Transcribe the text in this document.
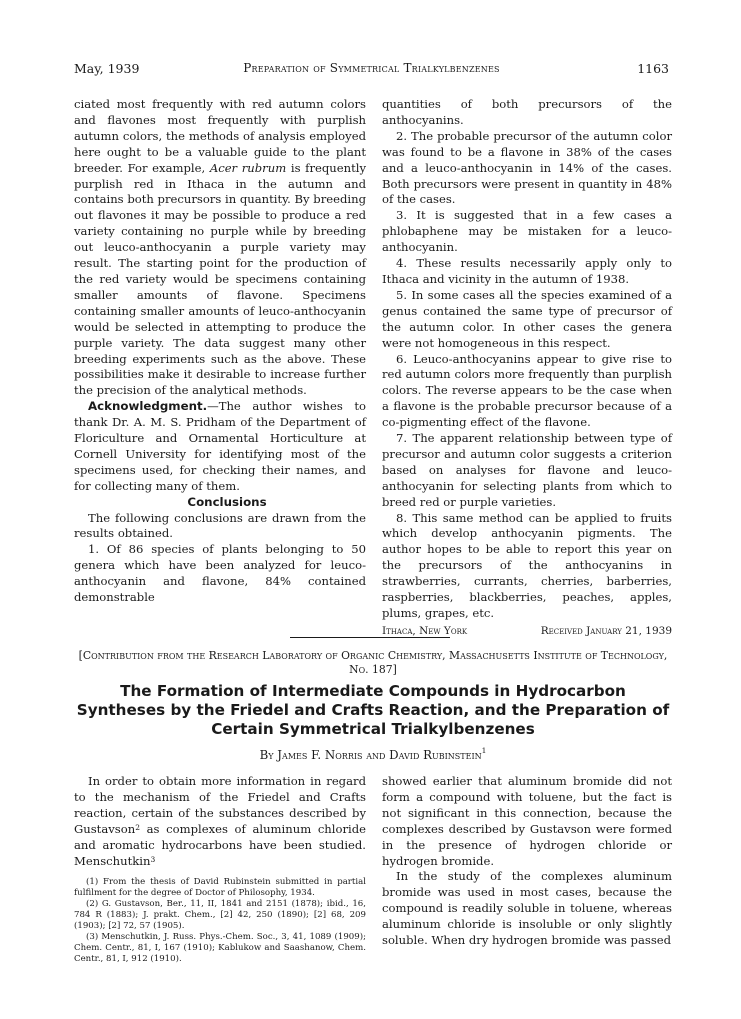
May, 1939	Preparation of Symmetrical Trialkylbenzenes	1163

ciated most frequently with red autumn colors and flavones most frequently with purplish autumn colors, the methods of analysis employed here ought to be a valuable guide to the plant breeder. For example, Acer rubrum is frequently purplish red in Ithaca in the autumn and contains both precursors in quantity. By breeding out flavones it may be possible to produce a red variety containing no purple while by breeding out leuco-anthocyanin a purple variety may result. The starting point for the production of the red variety would be specimens containing smaller amounts of flavone. Specimens containing smaller amounts of leuco-anthocyanin would be selected in attempting to produce the purple variety. The data suggest many other breeding experiments such as the above. These possibilities make it desirable to increase further the precision of the analytical methods.

Acknowledgment.—The author wishes to thank Dr. A. M. S. Pridham of the Department of Floriculture and Ornamental Horticulture at Cornell University for identifying most of the specimens used, for checking their names, and for collecting many of them.

Conclusions

The following conclusions are drawn from the results obtained.

1. Of 86 species of plants belonging to 50 genera which have been analyzed for leuco-anthocyanin and flavone, 84% contained demonstrable

quantities of both precursors of the anthocyanins.

2. The probable precursor of the autumn color was found to be a flavone in 38% of the cases and a leuco-anthocyanin in 14% of the cases. Both precursors were present in quantity in 48% of the cases.

3. It is suggested that in a few cases a phlobaphene may be mistaken for a leuco-anthocyanin.

4. These results necessarily apply only to Ithaca and vicinity in the autumn of 1938.

5. In some cases all the species examined of a genus contained the same type of precursor of the autumn color. In other cases the genera were not homogeneous in this respect.

6. Leuco-anthocyanins appear to give rise to red autumn colors more frequently than purplish colors. The reverse appears to be the case when a flavone is the probable precursor because of a co-pigmenting effect of the flavone.

7. The apparent relationship between type of precursor and autumn color suggests a criterion based on analyses for flavone and leuco-anthocyanin for selecting plants from which to breed red or purple varieties.

8. This same method can be applied to fruits which develop anthocyanin pigments. The author hopes to be able to report this year on the precursors of the anthocyanins in strawberries, currants, cherries, barberries, raspberries, blackberries, peaches, apples, plums, grapes, etc.

Ithaca, New York	Received January 21, 1939
[Contribution from the Research Laboratory of Organic Chemistry, Massachusetts Institute of Technology, No. 187]
The Formation of Intermediate Compounds in Hydrocarbon Syntheses by the Friedel and Crafts Reaction, and the Preparation of Certain Symmetrical Trialkylbenzenes
By James F. Norris and David Rubinstein$^1$

In order to obtain more information in regard to the mechanism of the Friedel and Crafts reaction, certain of the substances described by Gustavson$^2$ as complexes of aluminum chloride and aromatic hydrocarbons have been studied. Menschutkin$^3$

(1) From the thesis of David Rubinstein submitted in partial fulfilment for the degree of Doctor of Philosophy, 1934.

(2) G. Gustavson, Ber., 11, II, 1841 and 2151 (1878); ibid., 16, 784 R (1883); J. prakt. Chem., [2] 42, 250 (1890); [2] 68, 209 (1903); [2] 72, 57 (1905).

(3) Menschutkin, J. Russ. Phys.-Chem. Soc., 3, 41, 1089 (1909); Chem. Centr., 81, I, 167 (1910); Kablukow and Saashanow, Chem. Centr., 81, I, 912 (1910).

showed earlier that aluminum bromide did not form a compound with toluene, but the fact is not significant in this connection, because the complexes described by Gustavson were formed in the presence of hydrogen chloride or hydrogen bromide.

In the study of the complexes aluminum bromide was used in most cases, because the compound is readily soluble in toluene, whereas aluminum chloride is insoluble or only slightly soluble. When dry hydrogen bromide was passed
